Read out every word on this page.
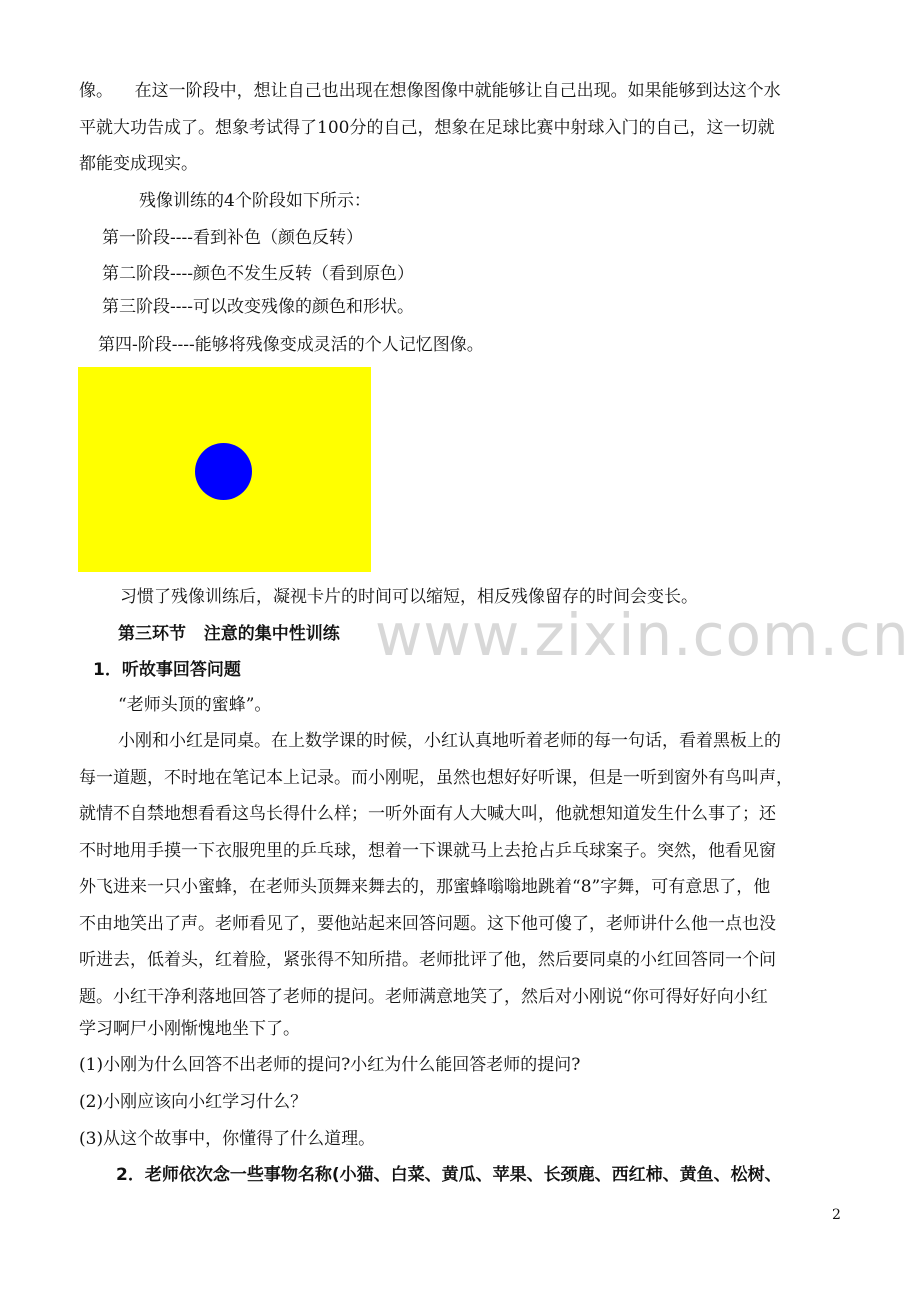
像。    在这一阶段中，想让自己也出现在想像图像中就能够让自己出现。如果能够到达这个水
平就大功告成了。想象考试得了100分的自己，想象在足球比赛中射球入门的自己，这一切就
都能变成现实。
残像训练的4个阶段如下所示：
第一阶段----看到补色（颜色反转）
第二阶段----颜色不发生反转（看到原色）
第三阶段----可以改变残像的颜色和形状。
第四-阶段----能够将残像变成灵活的个人记忆图像。
习惯了残像训练后，凝视卡片的时间可以缩短，相反残像留存的时间会变长。
www.zixin.com.cn
第三环节   注意的集中性训练
1．听故事回答问题
“老师头顶的蜜蜂”。
小刚和小红是同桌。在上数学课的时候，小红认真地听着老师的每一句话，看着黑板上的
每一道题，不时地在笔记本上记录。而小刚呢，虽然也想好好听课，但是一听到窗外有鸟叫声，
就情不自禁地想看看这鸟长得什么样；一听外面有人大喊大叫，他就想知道发生什么事了；还
不时地用手摸一下衣服兜里的乒乓球，想着一下课就马上去抢占乒乓球案子。突然，他看见窗
外飞进来一只小蜜蜂，在老师头顶舞来舞去的，那蜜蜂嗡嗡地跳着“8”字舞，可有意思了，他
不由地笑出了声。老师看见了，要他站起来回答问题。这下他可傻了，老师讲什么他一点也没
听进去，低着头，红着脸，紧张得不知所措。老师批评了他，然后要同桌的小红回答同一个问
题。小红干净利落地回答了老师的提问。老师满意地笑了，然后对小刚说“你可得好好向小红
学习啊尸小刚惭愧地坐下了。
(1)小刚为什么回答不出老师的提问?小红为什么能回答老师的提问?
(2)小刚应该向小红学习什么？
(3)从这个故事中，你懂得了什么道理。
2．老师依次念一些事物名称(小猫、白菜、黄瓜、苹果、长颈鹿、西红柿、黄鱼、松树、
2
